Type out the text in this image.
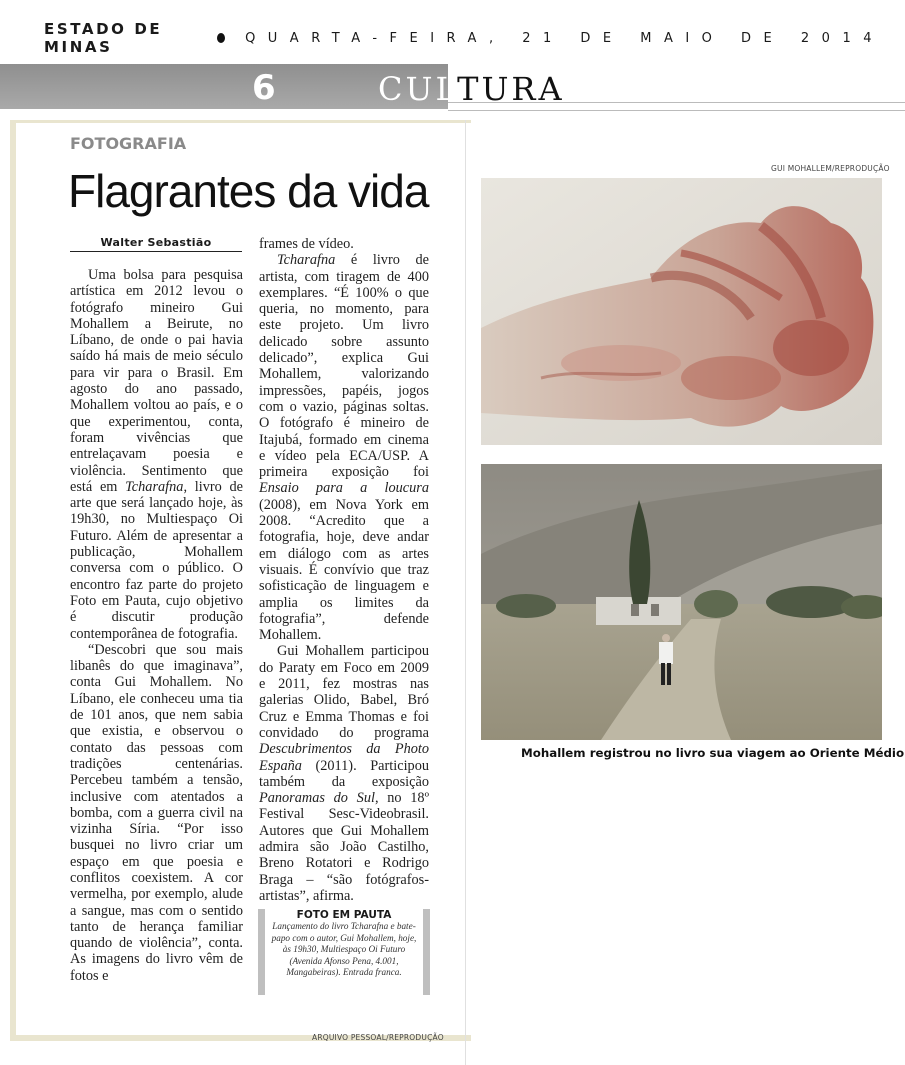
ESTADO DE MINAS	QUARTA-FEIRA, 21 DE MAIO DE 2014
6	CULTURA
FOTOGRAFIA
Flagrantes da vida
Walter Sebastião

Uma bolsa para pesquisa artística em 2012 levou o fotógrafo mineiro Gui Mohallem a Beirute, no Líbano, de onde o pai havia saído há mais de meio século para vir para o Brasil. Em agosto do ano passado, Mohallem voltou ao país, e o que experimentou, conta, foram vivências que entrelaçavam poesia e violência. Sentimento que está em Tcharafna, livro de arte que será lançado hoje, às 19h30, no Multiespaço Oi Futuro. Além de apresentar a publicação, Mohallem conversa com o público. O encontro faz parte do projeto Foto em Pauta, cujo objetivo é discutir produção contemporânea de fotografia.

“Descobri que sou mais libanês do que imaginava”, conta Gui Mohallem. No Líbano, ele conheceu uma tia de 101 anos, que nem sabia que existia, e observou o contato das pessoas com tradições centenárias. Percebeu também a tensão, inclusive com atentados a bomba, com a guerra civil na vizinha Síria. “Por isso busquei no livro criar um espaço em que poesia e conflitos coexistem. A cor vermelha, por exemplo, alude a sangue, mas com o sentido tanto de herança familiar quando de violência”, conta. As imagens do livro vêm de fotos e

frames de vídeo.

Tcharafna é livro de artista, com tiragem de 400 exemplares. “É 100% o que queria, no momento, para este projeto. Um livro delicado sobre assunto delicado”, explica Gui Mohallem, valorizando impressões, papéis, jogos com o vazio, páginas soltas. O fotógrafo é mineiro de Itajubá, formado em cinema e vídeo pela ECA/USP. A primeira exposição foi Ensaio para a loucura (2008), em Nova York em 2008. “Acredito que a fotografia, hoje, deve andar em diálogo com as artes visuais. É convívio que traz sofisticação de linguagem e amplia os limites da fotografia”, defende Mohallem.

Gui Mohallem participou do Paraty em Foco em 2009 e 2011, fez mostras nas galerias Olido, Babel, Bró Cruz e Emma Thomas e foi convidado do programa Descubrimentos da Photo España (2011). Participou também da exposição Panoramas do Sul, no 18º Festival Sesc-Videobrasil. Autores que Gui Mohallem admira são João Castilho, Breno Rotatori e Rodrigo Braga – “são fotógrafos-artistas”, afirma.

FOTO EM PAUTA
Lançamento do livro Tcharafna e bate-papo com o autor, Gui Mohallem, hoje, às 19h30, Multiespaço Oi Futuro (Avenida Afonso Pena, 4.001, Mangabeiras). Entrada franca.
GUI MOHALLEM/REPRODUÇÃO
ARQUIVO PESSOAL/REPRODUÇÃO
Mohallem registrou no livro sua viagem ao Oriente Médio
